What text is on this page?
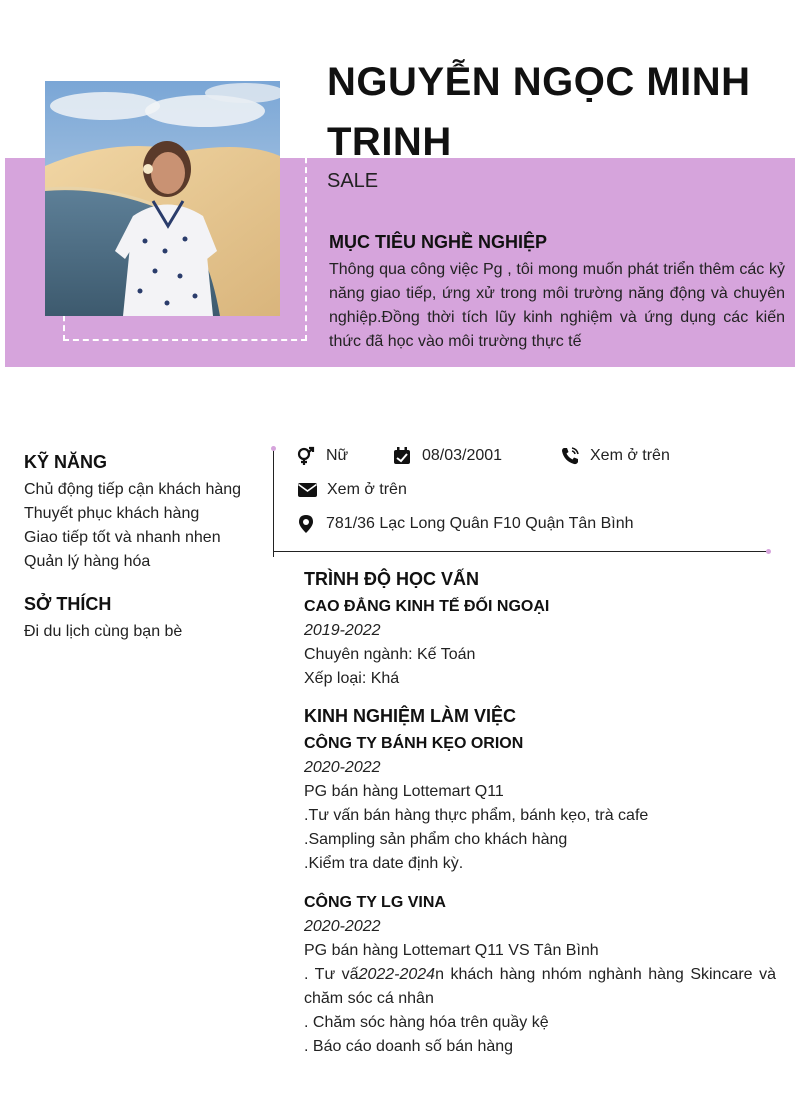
NGUYỄN NGỌC MINH TRINH
SALE
MỤC TIÊU NGHỀ NGHIỆP
Thông qua công việc Pg , tôi mong muốn phát triển thêm các kỷ năng giao tiếp, ứng xử trong môi trường năng động và chuyên nghiệp.Đồng thời tích lũy kinh nghiệm và ứng dụng các kiến thức đã học vào môi trường thực tế
KỸ NĂNG
Chủ động tiếp cận khách hàng
Thuyết phục khách hàng
Giao tiếp tốt và nhanh nhen
Quản lý hàng hóa
SỞ THÍCH
Đi du lịch cùng bạn bè
Nữ	08/03/2001	Xem ở trên
Xem ở trên
781/36 Lạc Long Quân F10 Quận Tân Bình
TRÌNH ĐỘ HỌC VẤN
CAO ĐẲNG KINH TẾ ĐỐI NGOẠI
2019-2022
Chuyên ngành: Kế Toán
Xếp loại: Khá
KINH NGHIỆM LÀM VIỆC
CÔNG TY BÁNH KẸO ORION
2020-2022
PG bán hàng Lottemart Q11
.Tư vấn bán hàng thực phẩm, bánh kẹo, trà cafe
.Sampling sản phẩm cho khách hàng
.Kiểm tra date định kỳ.
CÔNG TY LG VINA
2020-2022
PG bán hàng Lottemart Q11 VS Tân Bình
. Tư vấ2022-2024n khách hàng nhóm nghành hàng Skincare và chăm sóc cá nhân
. Chăm sóc hàng hóa trên quầy kệ
. Báo cáo doanh số bán hàng
